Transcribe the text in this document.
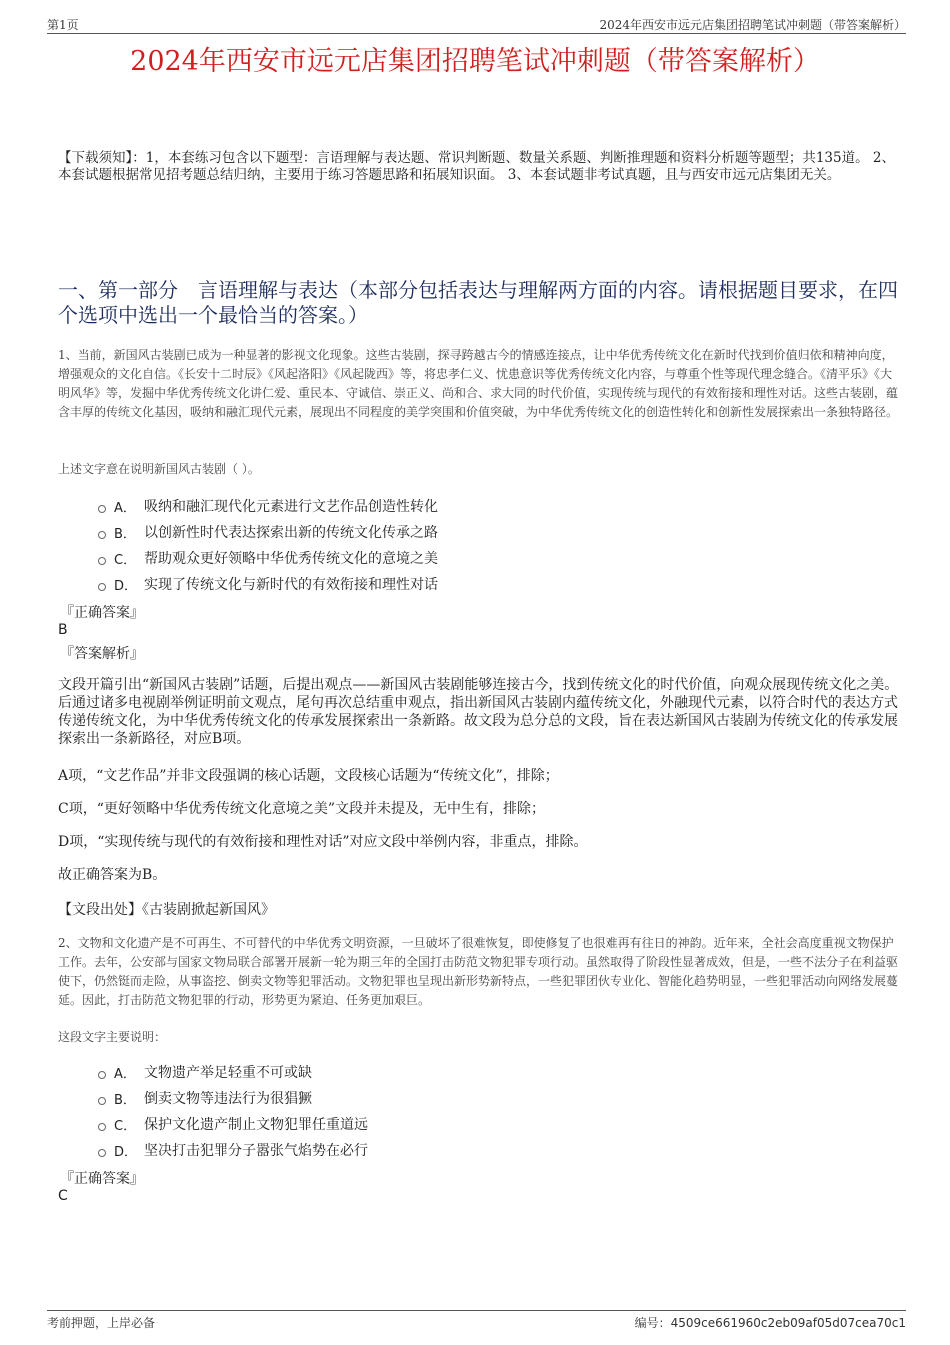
第1页	2024年西安市远元店集团招聘笔试冲刺题（带答案解析）
2024年西安市远元店集团招聘笔试冲刺题（带答案解析）
【下载须知】：1，本套练习包含以下题型：言语理解与表达题、常识判断题、数量关系题、判断推理题和资料分析题等题型；共135道。 2、本套试题根据常见招考题总结归纳，主要用于练习答题思路和拓展知识面。 3、本套试题非考试真题，且与西安市远元店集团无关。
一、第一部分　言语理解与表达（本部分包括表达与理解两方面的内容。请根据题目要求，在四个选项中选出一个最恰当的答案。）
1、当前，新国风古装剧已成为一种显著的影视文化现象。这些古装剧，探寻跨越古今的情感连接点，让中华优秀传统文化在新时代找到价值归依和精神向度，增强观众的文化自信。《长安十二时辰》《风起洛阳》《风起陇西》等，将忠孝仁义、忧患意识等优秀传统文化内容，与尊重个性等现代理念缝合。《清平乐》《大明风华》等，发掘中华优秀传统文化讲仁爱、重民本、守诚信、崇正义、尚和合、求大同的时代价值，实现传统与现代的有效衔接和理性对话。这些古装剧，蕴含丰厚的传统文化基因，吸纳和融汇现代元素，展现出不同程度的美学突围和价值突破，为中华优秀传统文化的创造性转化和创新性发展探索出一条独特路径。
上述文字意在说明新国风古装剧（ ）。
A． 吸纳和融汇现代化元素进行文艺作品创造性转化
B． 以创新性时代表达探索出新的传统文化传承之路
C． 帮助观众更好领略中华优秀传统文化的意境之美
D． 实现了传统文化与新时代的有效衔接和理性对话
『正确答案』
B
『答案解析』
文段开篇引出“新国风古装剧”话题，后提出观点——新国风古装剧能够连接古今，找到传统文化的时代价值，向观众展现传统文化之美。后通过诸多电视剧举例证明前文观点，尾句再次总结重申观点，指出新国风古装剧内蕴传统文化，外融现代元素，以符合时代的表达方式传递传统文化，为中华优秀传统文化的传承发展探索出一条新路。故文段为总分总的文段，旨在表达新国风古装剧为传统文化的传承发展探索出一条新路径，对应B项。
A项，“文艺作品”并非文段强调的核心话题，文段核心话题为“传统文化”，排除；
C项，“更好领略中华优秀传统文化意境之美”文段并未提及，无中生有，排除；
D项，“实现传统与现代的有效衔接和理性对话”对应文段中举例内容，非重点，排除。
故正确答案为B。
【文段出处】《古装剧掀起新国风》
2、文物和文化遗产是不可再生、不可替代的中华优秀文明资源，一旦破坏了很难恢复，即使修复了也很难再有往日的神韵。近年来，全社会高度重视文物保护工作。去年，公安部与国家文物局联合部署开展新一轮为期三年的全国打击防范文物犯罪专项行动。虽然取得了阶段性显著成效，但是，一些不法分子在利益驱使下，仍然铤而走险，从事盗挖、倒卖文物等犯罪活动。文物犯罪也呈现出新形势新特点，一些犯罪团伙专业化、智能化趋势明显，一些犯罪活动向网络发展蔓延。因此，打击防范文物犯罪的行动，形势更为紧迫、任务更加艰巨。
这段文字主要说明：
A． 文物遗产举足轻重不可或缺
B． 倒卖文物等违法行为很猖獗
C． 保护文化遗产制止文物犯罪任重道远
D． 坚决打击犯罪分子嚣张气焰势在必行
『正确答案』
C
考前押题，上岸必备	编号：4509ce661960c2eb09af05d07cea70c1
